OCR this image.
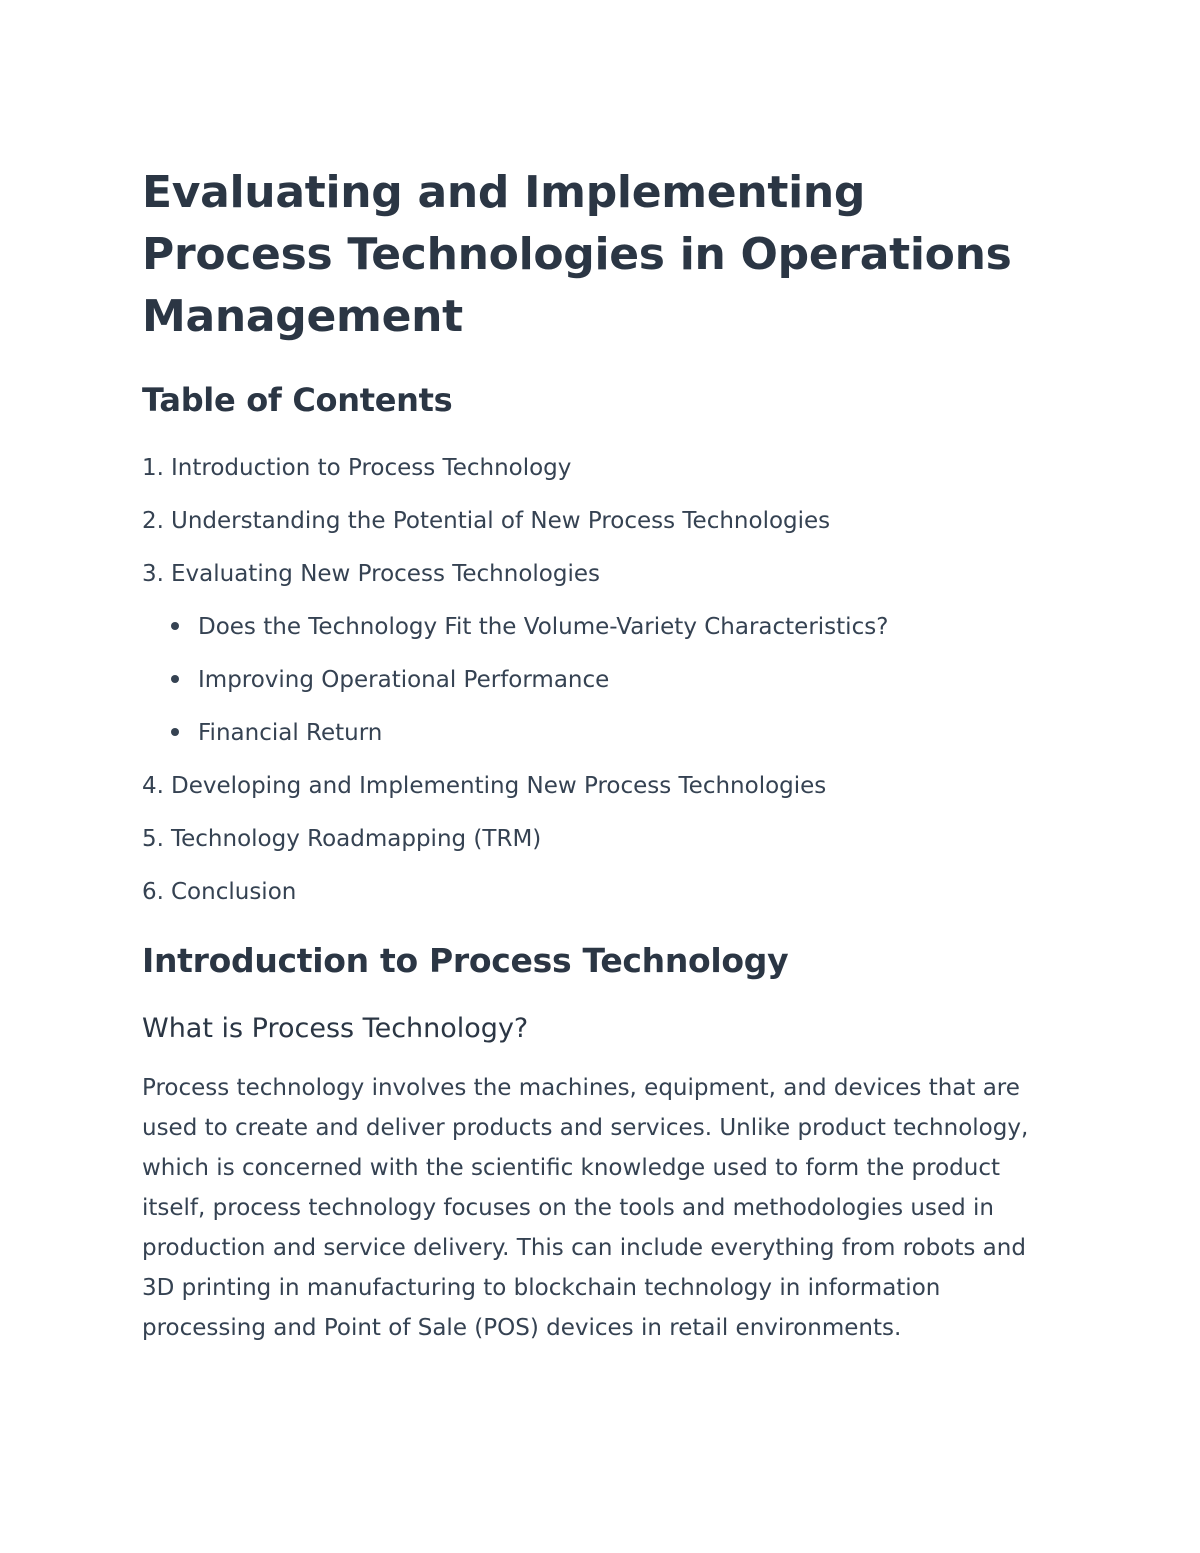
Evaluating and Implementing Process Technologies in Operations Management
Table of Contents
1. Introduction to Process Technology
2. Understanding the Potential of New Process Technologies
3. Evaluating New Process Technologies
Does the Technology Fit the Volume-Variety Characteristics?
Improving Operational Performance
Financial Return
4. Developing and Implementing New Process Technologies
5. Technology Roadmapping (TRM)
6. Conclusion
Introduction to Process Technology
What is Process Technology?

Process technology involves the machines, equipment, and devices that are used to create and deliver products and services. Unlike product technology, which is concerned with the scientific knowledge used to form the product itself, process technology focuses on the tools and methodologies used in production and service delivery. This can include everything from robots and 3D printing in manufacturing to blockchain technology in information processing and Point of Sale (POS) devices in retail environments.
